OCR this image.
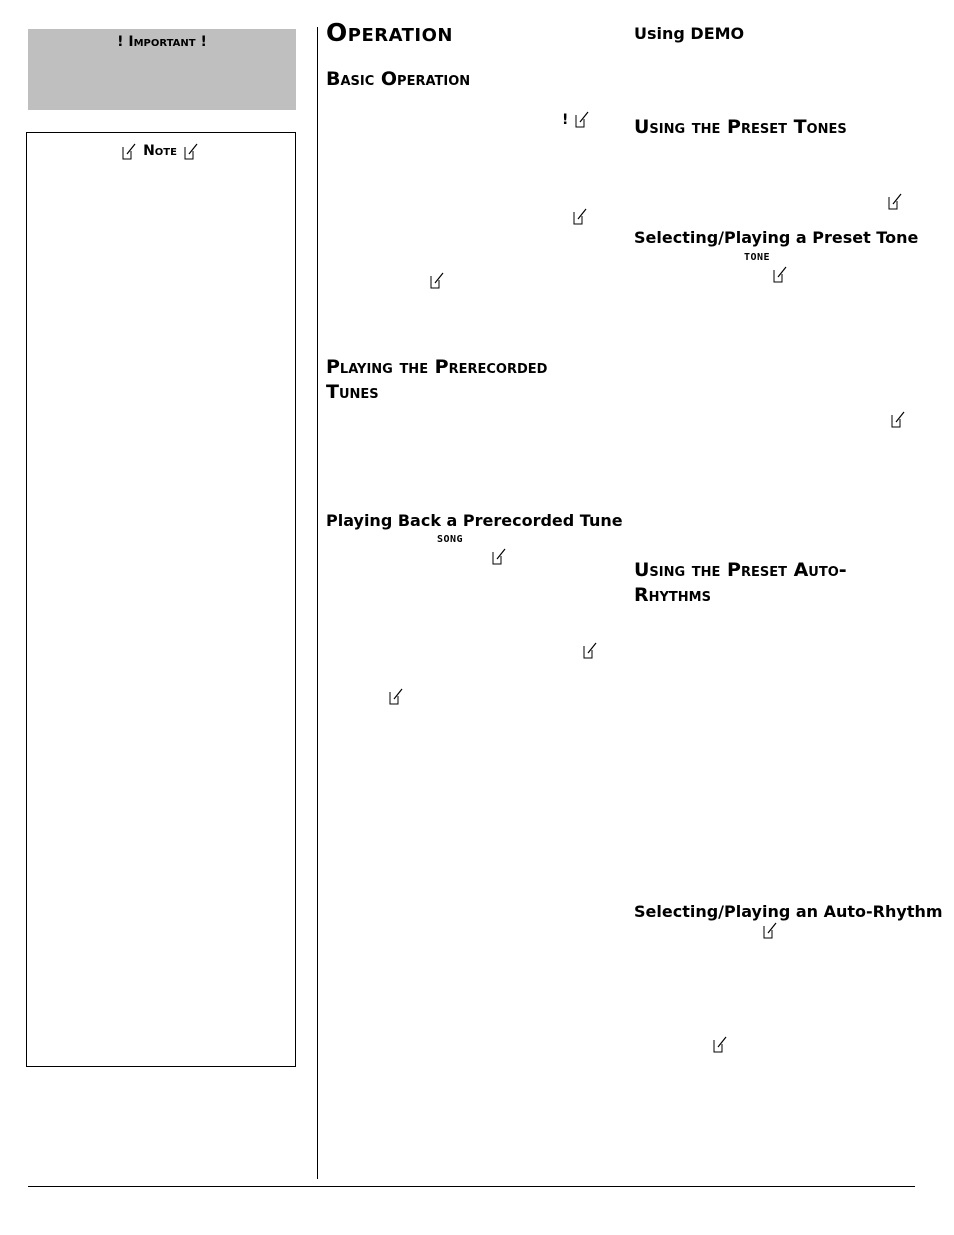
! Important !
Note
Operation
Basic Operation
!
Playing the Prerecorded Tunes
Playing Back a Prerecorded Tune
SONG
Using DEMO
Using the Preset Tones
Selecting/Playing a Preset Tone
TONE
Using the Preset Auto-Rhythms
Selecting/Playing an Auto-Rhythm
